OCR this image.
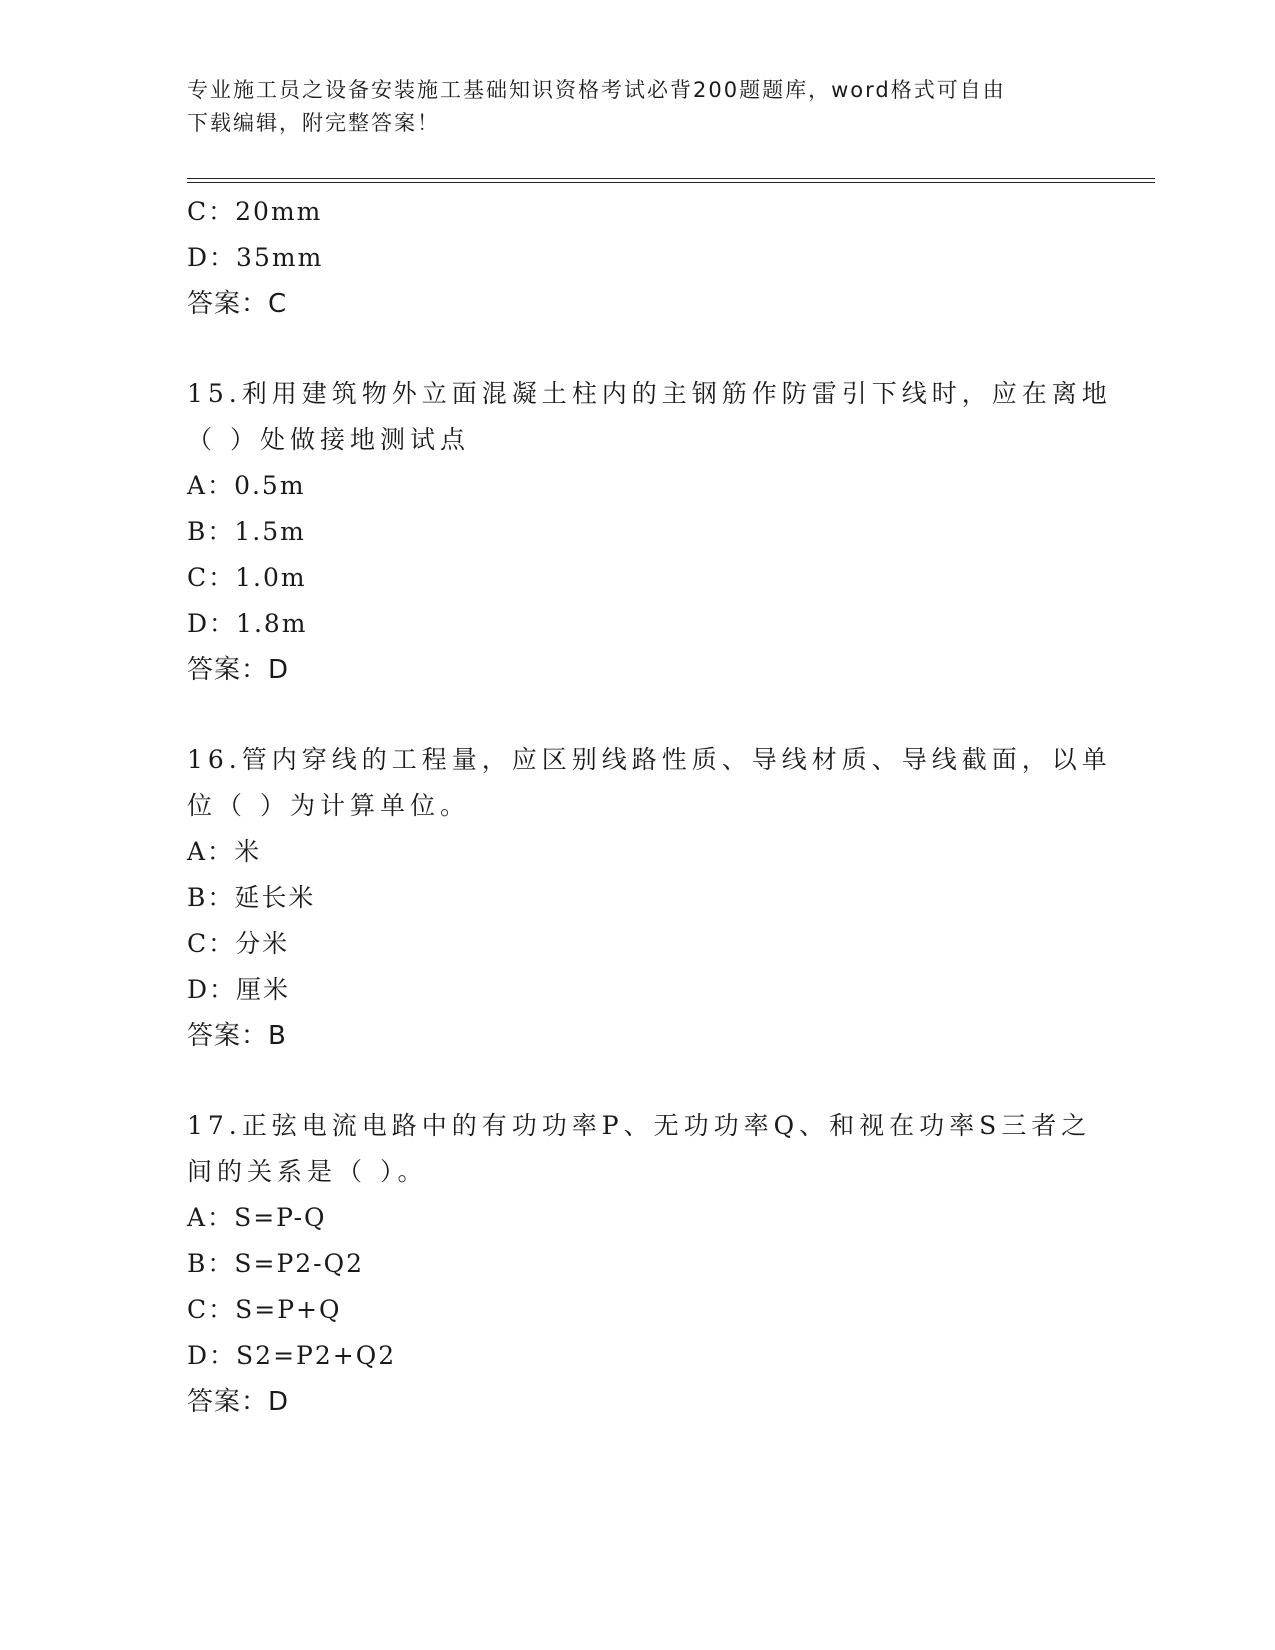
专业施工员之设备安装施工基础知识资格考试必背200题题库，word格式可自由
下载编辑，附完整答案！
C：20mm
D：35mm
答案：C
15.利用建筑物外立面混凝土柱内的主钢筋作防雷引下线时，应在离地
（ ）处做接地测试点
A：0.5m
B：1.5m
C：1.0m
D：1.8m
答案：D
16.管内穿线的工程量，应区别线路性质、导线材质、导线截面，以单
位（ ）为计算单位。
A：米
B：延长米
C：分米
D：厘米
答案：B
17.正弦电流电路中的有功功率P、无功功率Q、和视在功率S三者之
间的关系是（ ）。
A：S=P-Q
B：S=P2-Q2
C：S=P+Q
D：S2=P2+Q2
答案：D
